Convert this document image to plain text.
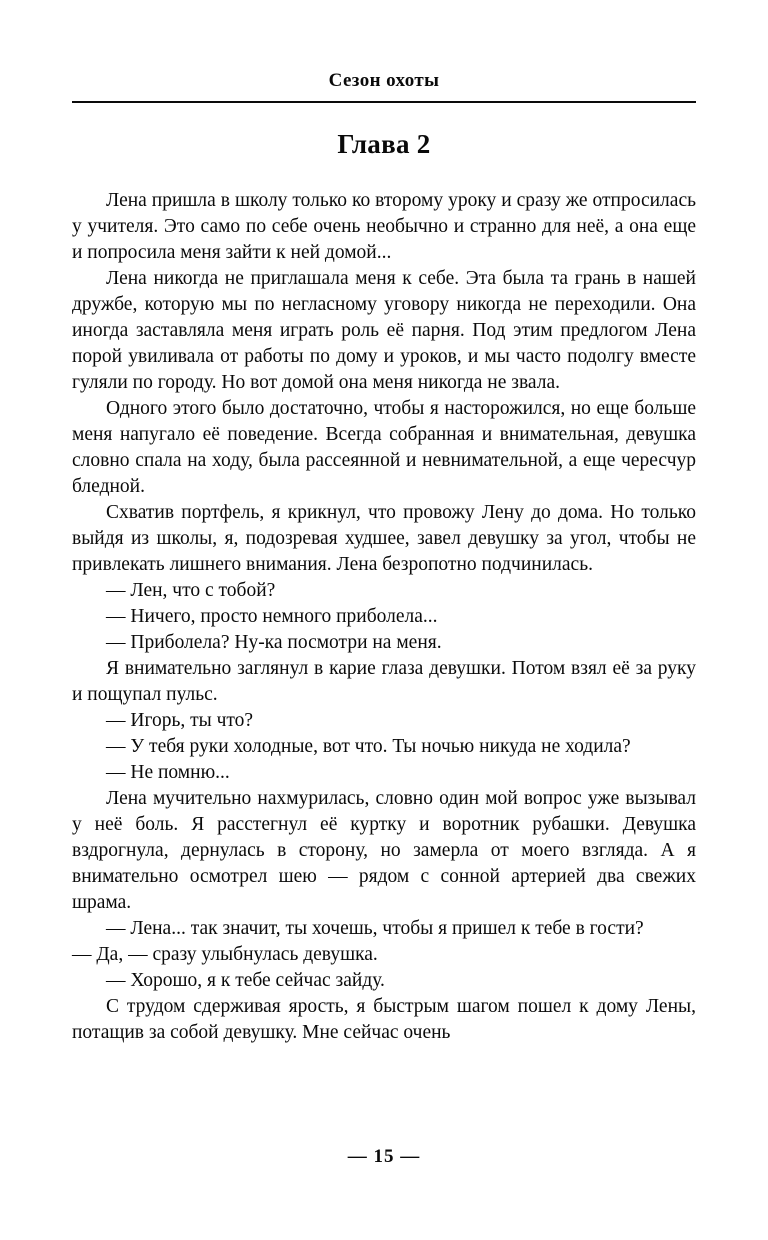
Сезон охоты
Глава 2

Лена пришла в школу только ко второму уроку и сразу же отпросилась у учителя. Это само по себе очень необычно и странно для неё, а она еще и попросила меня зайти к ней домой...

Лена никогда не приглашала меня к себе. Эта была та грань в нашей дружбе, которую мы по негласному уговору никогда не переходили. Она иногда заставляла меня играть роль её парня. Под этим предлогом Лена порой увиливала от работы по дому и уроков, и мы часто подолгу вместе гуляли по городу. Но вот домой она меня никогда не звала.

Одного этого было достаточно, чтобы я насторожился, но еще больше меня напугало её поведение. Всегда собранная и внимательная, девушка словно спала на ходу, была рассеянной и невнимательной, а еще чересчур бледной.

Схватив портфель, я крикнул, что провожу Лену до дома. Но только выйдя из школы, я, подозревая худшее, завел девушку за угол, чтобы не привлекать лишнего внимания. Лена безропотно подчинилась.

— Лен, что с тобой?

— Ничего, просто немного приболела...

— Приболела? Ну-ка посмотри на меня.

Я внимательно заглянул в карие глаза девушки. Потом взял её за руку и пощупал пульс.

— Игорь, ты что?

— У тебя руки холодные, вот что. Ты ночью никуда не ходила?

— Не помню...

Лена мучительно нахмурилась, словно один мой вопрос уже вызывал у неё боль. Я расстегнул её куртку и воротник рубашки. Девушка вздрогнула, дернулась в сторону, но замерла от моего взгляда. А я внимательно осмотрел шею — рядом с сонной артерией два свежих шрама.

— Лена... так значит, ты хочешь, чтобы я пришел к тебе в гости?

— Да, — сразу улыбнулась девушка.

— Хорошо, я к тебе сейчас зайду.

С трудом сдерживая ярость, я быстрым шагом пошел к дому Лены, потащив за собой девушку. Мне сейчас очень

— 15 —
